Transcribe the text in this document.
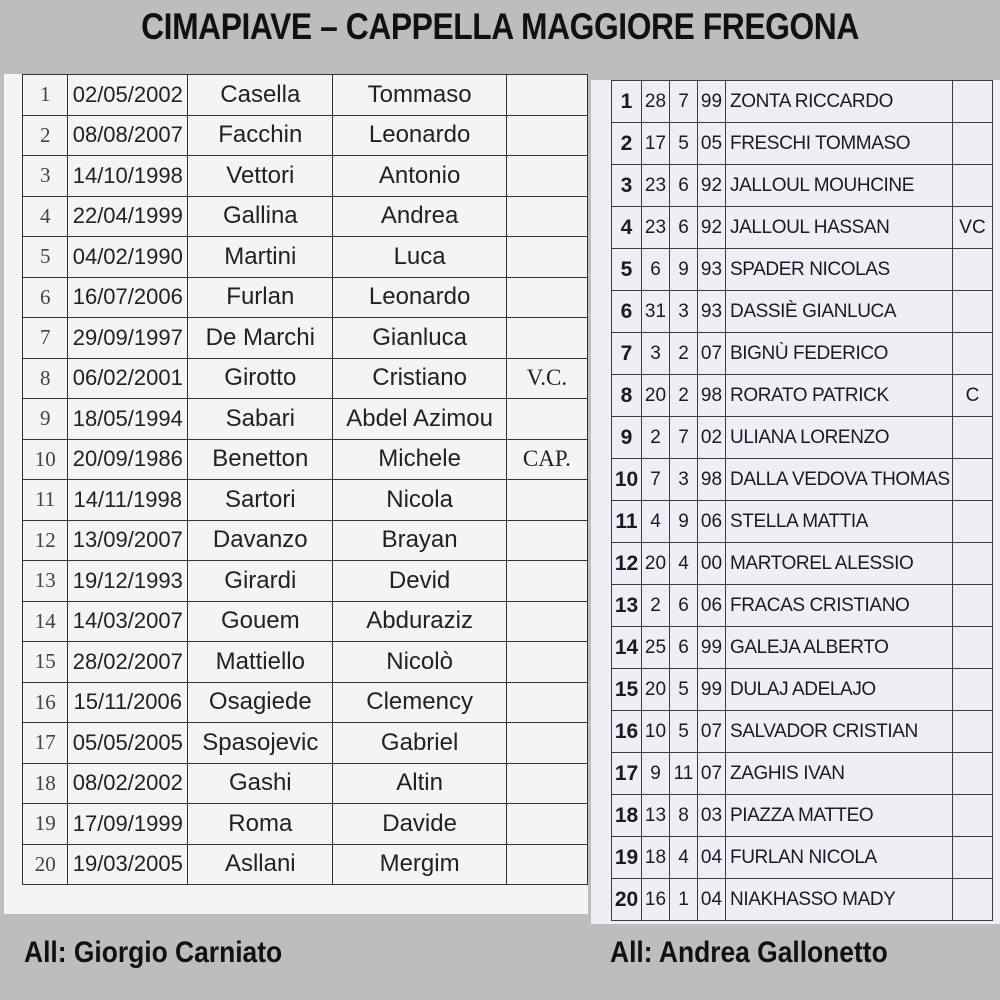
CIMAPIAVE – CAPPELLA MAGGIORE FREGONA
1	02/05/2002	Casella	Tommaso	
2	08/08/2007	Facchin	Leonardo	
3	14/10/1998	Vettori	Antonio	
4	22/04/1999	Gallina	Andrea	
5	04/02/1990	Martini	Luca	
6	16/07/2006	Furlan	Leonardo	
7	29/09/1997	De Marchi	Gianluca	
8	06/02/2001	Girotto	Cristiano	V.C.
9	18/05/1994	Sabari	Abdel Azimou	
10	20/09/1986	Benetton	Michele	CAP.
11	14/11/1998	Sartori	Nicola	
12	13/09/2007	Davanzo	Brayan	
13	19/12/1993	Girardi	Devid	
14	14/03/2007	Gouem	Abduraziz	
15	28/02/2007	Mattiello	Nicolò	
16	15/11/2006	Osagiede	Clemency	
17	05/05/2005	Spasojevic	Gabriel	
18	08/02/2002	Gashi	Altin	
19	17/09/1999	Roma	Davide	
20	19/03/2005	Asllani	Mergim	
1	28	7	99	ZONTA RICCARDO	
2	17	5	05	FRESCHI TOMMASO	
3	23	6	92	JALLOUL MOUHCINE	
4	23	6	92	JALLOUL HASSAN	VC
5	6	9	93	SPADER NICOLAS	
6	31	3	93	DASSIÈ GIANLUCA	
7	3	2	07	BIGNÙ FEDERICO	
8	20	2	98	RORATO PATRICK	C
9	2	7	02	ULIANA LORENZO	
10	7	3	98	DALLA VEDOVA THOMAS	
11	4	9	06	STELLA MATTIA	
12	20	4	00	MARTOREL ALESSIO	
13	2	6	06	FRACAS CRISTIANO	
14	25	6	99	GALEJA ALBERTO	
15	20	5	99	DULAJ ADELAJO	
16	10	5	07	SALVADOR CRISTIAN	
17	9	11	07	ZAGHIS IVAN	
18	13	8	03	PIAZZA MATTEO	
19	18	4	04	FURLAN NICOLA	
20	16	1	04	NIAKHASSO MADY	
All: Giorgio Carniato	All: Andrea Gallonetto
